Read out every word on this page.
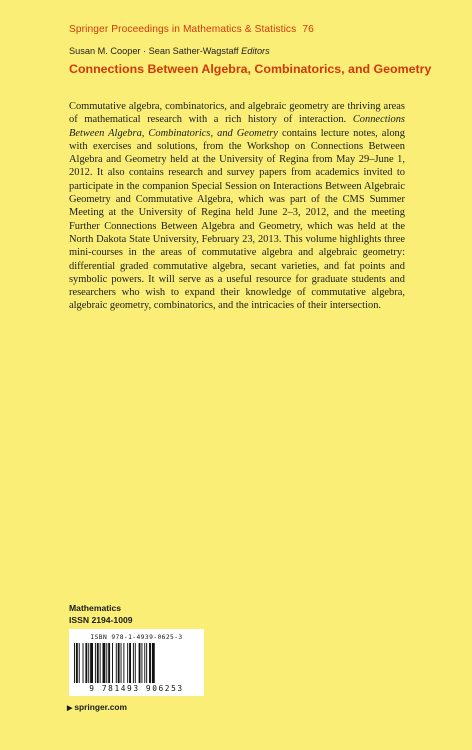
Springer Proceedings in Mathematics & Statistics 76
Susan M. Cooper · Sean Sather-Wagstaff Editors
Connections Between Algebra, Combinatorics, and Geometry
Commutative algebra, combinatorics, and algebraic geometry are thriving areas of mathematical research with a rich history of interaction. Connections Between Algebra, Combinatorics, and Geometry contains lecture notes, along with exercises and solutions, from the Workshop on Connections Between Algebra and Geometry held at the University of Regina from May 29–June 1, 2012. It also contains research and survey papers from academics invited to participate in the companion Special Session on Interactions Between Algebraic Geometry and Commutative Algebra, which was part of the CMS Summer Meeting at the University of Regina held June 2–3, 2012, and the meeting Further Connections Between Algebra and Geometry, which was held at the North Dakota State University, February 23, 2013. This volume highlights three mini-courses in the areas of commutative algebra and algebraic geometry: differential graded commutative algebra, secant varieties, and fat points and symbolic powers. It will serve as a useful resource for graduate students and researchers who wish to expand their knowledge of commutative algebra, algebraic geometry, combinatorics, and the intricacies of their intersection.
Mathematics
ISSN 2194-1009
ISBN 978-1-4939-0625-3
9 781493 906253
▶ springer.com
